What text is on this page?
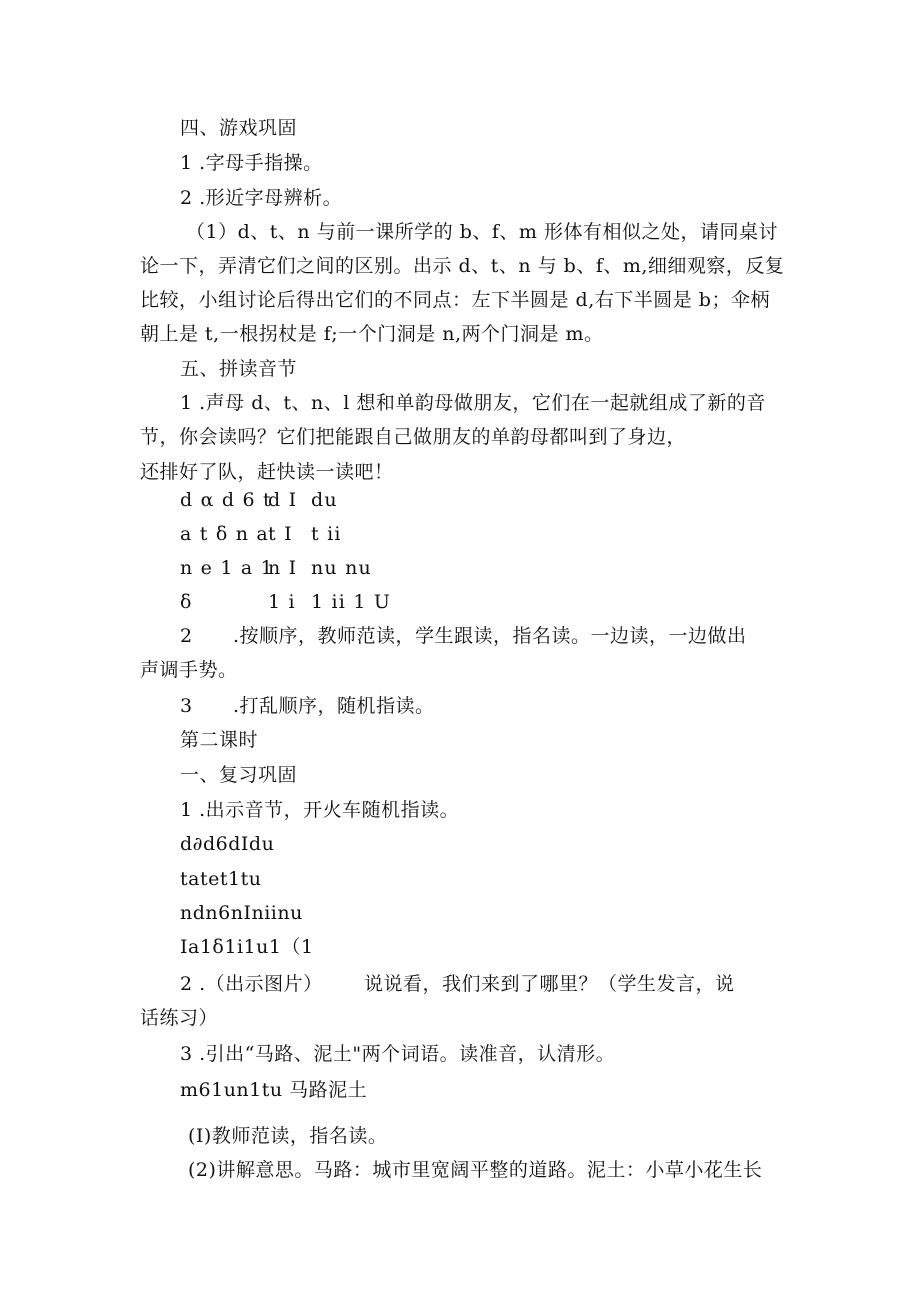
四、游戏巩固
1 .字母手指操。
2 .形近字母辨析。
（1）d、t、n 与前一课所学的 b、f、m 形体有相似之处，请同桌讨
论一下，弄清它们之间的区别。出示 d、t、n 与 b、f、m,细细观察，反复
比较，小组讨论后得出它们的不同点：左下半圆是 d,右下半圆是 b；伞柄
朝上是 t,一根拐杖是 f;一个门洞是 n,两个门洞是 m。
五、拼读音节
1 .声母 d、t、n、l 想和单韵母做朋友，它们在一起就组成了新的音
节，你会读吗？它们把能跟自己做朋友的单韵母都叫到了身边，
还排好了队，赶快读一读吧！
d α d 6 t
d I du
a t δ n a t I t ii
n e 1 a 1
n I nu nu
δ	1 i 1 ii 1 U
2 .按顺序，教师范读，学生跟读，指名读。一边读，一边做出
声调手势。
3 .打乱顺序，随机指读。
第二课时
一、复习巩固
1 .出示音节，开火车随机指读。
d∂d6dIdu
tatet1tu
ndn6nIniinu
Ia1δ1i1u1（1
2 .（出示图片） 说说看，我们来到了哪里？（学生发言，说
话练习）
3 .引出“马路、泥土"两个词语。读准音，认清形。
m61un1tu 马路泥土
(I)教师范读，指名读。
(2)讲解意思。马路：城市里宽阔平整的道路。泥土：小草小花生长
